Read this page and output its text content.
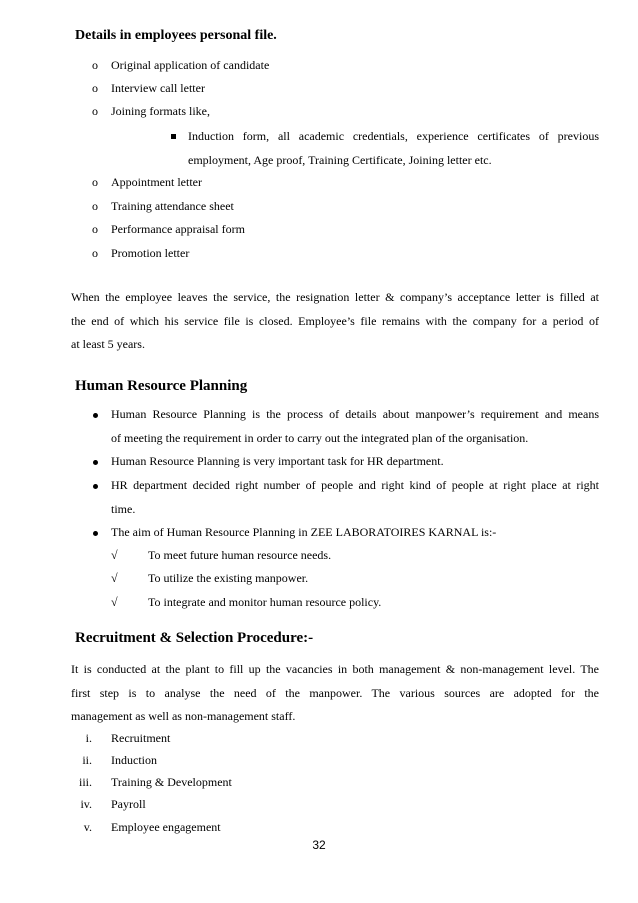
Details in employees personal file.
o Original application of candidate
o Interview call letter
o Joining formats like,
Induction form, all academic credentials, experience certificates of previous
employment, Age proof, Training Certificate, Joining letter etc.
o Appointment letter
o Training attendance sheet
o Performance appraisal form
o Promotion letter
When the employee leaves the service, the resignation letter & company’s acceptance letter is filled at
the end of which his service file is closed. Employee’s file remains with the company for a period of
at least 5 years.
Human Resource Planning
Human Resource Planning is the process of details about manpower’s requirement and means
of meeting the requirement in order to carry out the integrated plan of the organisation.
Human Resource Planning is very important task for HR department.
HR department decided right number of people and right kind of people at right place at right
time.
The aim of Human Resource Planning in ZEE LABORATOIRES KARNAL is:-
√	To meet future human resource needs.
√	To utilize the existing manpower.
√	To integrate and monitor human resource policy.
Recruitment & Selection Procedure:-
It is conducted at the plant to fill up the vacancies in both management & non-management level. The
first step is to analyse the need of the manpower. The various sources are adopted for the
management as well as non-management staff.
i. Recruitment
ii. Induction
iii. Training & Development
iv. Payroll
v. Employee engagement
32
